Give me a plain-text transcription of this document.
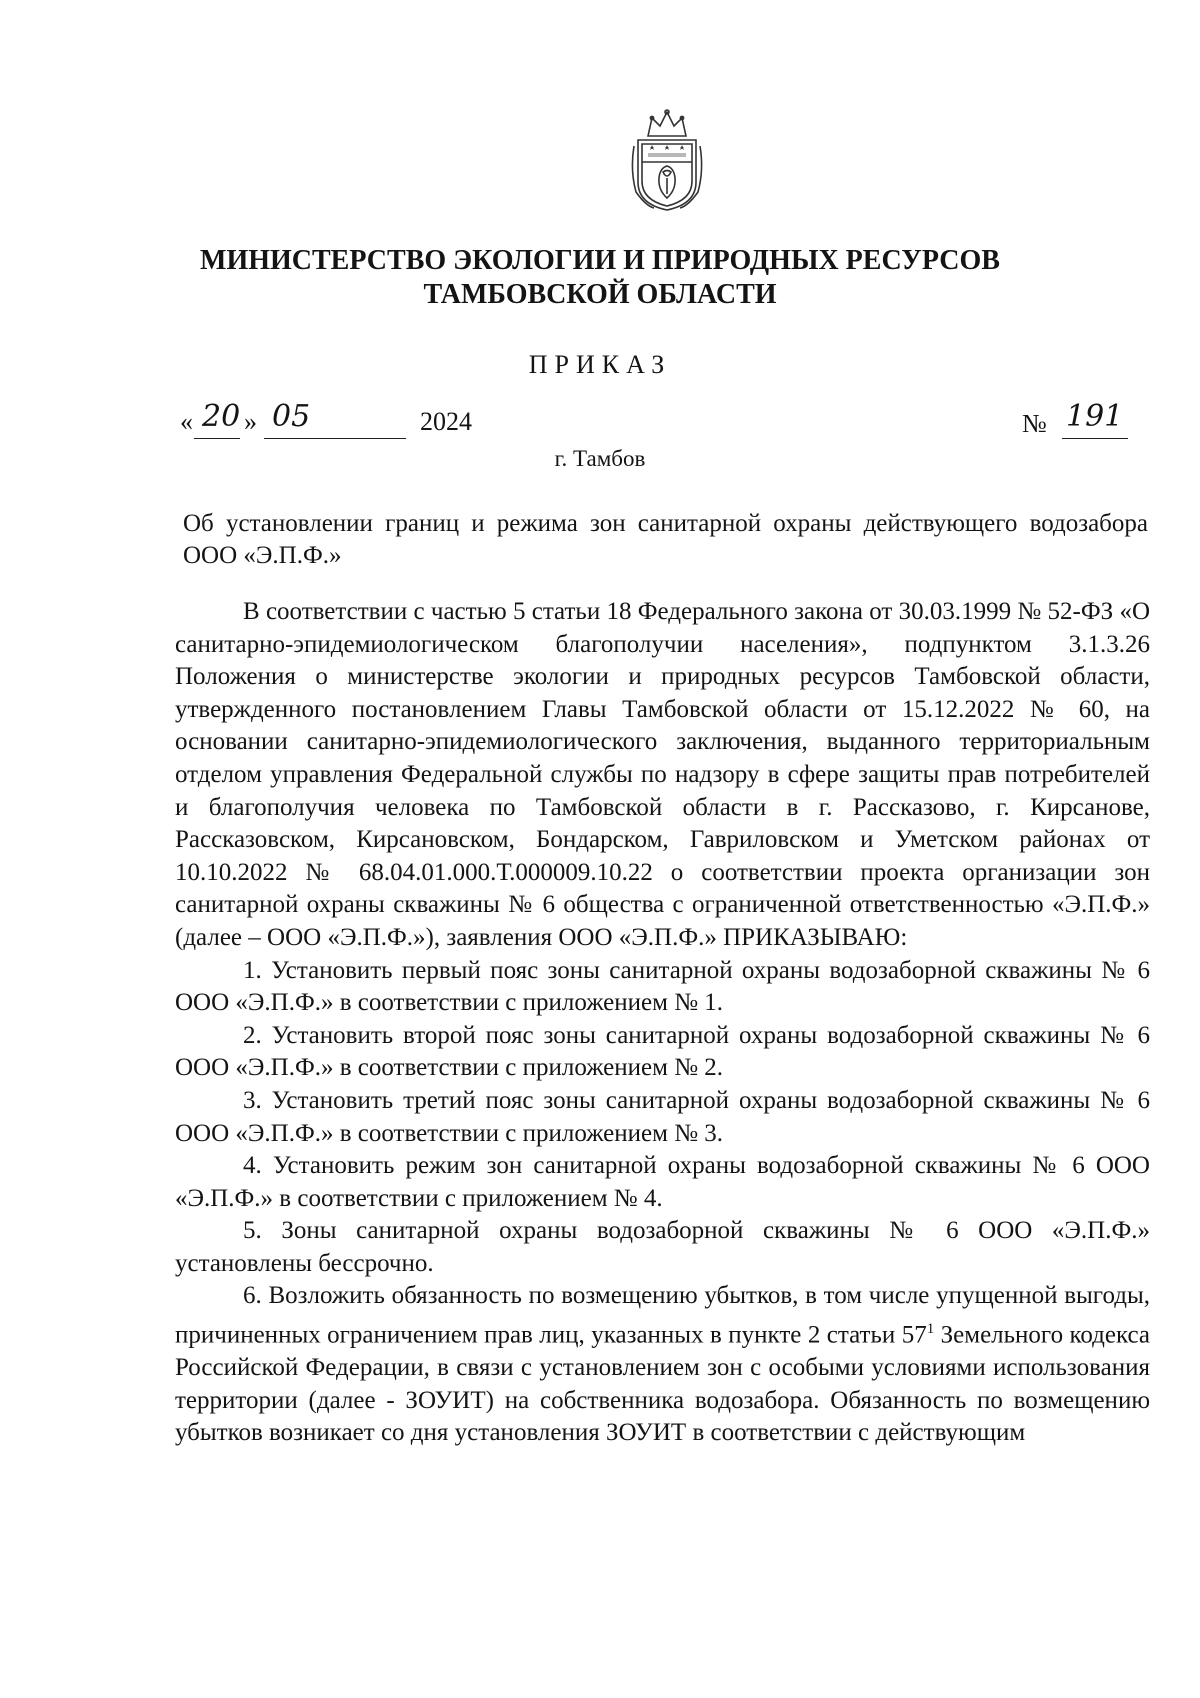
МИНИСТЕРСТВО ЭКОЛОГИИ И ПРИРОДНЫХ РЕСУРСОВ
ТАМБОВСКОЙ ОБЛАСТИ
ПРИКАЗ
« 20 » 05	2024	№ 191
г. Тамбов
Об установлении границ и режима зон санитарной охраны действующего водозабора ООО «Э.П.Ф.»

В соответствии с частью 5 статьи 18 Федерального закона от 30.03.1999 № 52-ФЗ «О санитарно-эпидемиологическом благополучии населения», подпунктом 3.1.3.26 Положения о министерстве экологии и природных ресурсов Тамбовской области, утвержденного постановлением Главы Тамбовской области от 15.12.2022 № 60, на основании санитарно-эпидемиологического заключения, выданного территориальным отделом управления Федеральной службы по надзору в сфере защиты прав потребителей и благополучия человека по Тамбовской области в г. Рассказово, г. Кирсанове, Рассказовском, Кирсановском, Бондарском, Гавриловском и Уметском районах от 10.10.2022 № 68.04.01.000.Т.000009.10.22 о соответствии проекта организации зон санитарной охраны скважины № 6 общества с ограниченной ответственностью «Э.П.Ф.» (далее – ООО «Э.П.Ф.»), заявления ООО «Э.П.Ф.» ПРИКАЗЫВАЮ:

1. Установить первый пояс зоны санитарной охраны водозаборной скважины № 6 ООО «Э.П.Ф.» в соответствии с приложением № 1.

2. Установить второй пояс зоны санитарной охраны водозаборной скважины № 6 ООО «Э.П.Ф.» в соответствии с приложением № 2.

3. Установить третий пояс зоны санитарной охраны водозаборной скважины № 6 ООО «Э.П.Ф.» в соответствии с приложением № 3.

4. Установить режим зон санитарной охраны водозаборной скважины № 6 ООО «Э.П.Ф.» в соответствии с приложением № 4.

5. Зоны санитарной охраны водозаборной скважины № 6 ООО «Э.П.Ф.» установлены бессрочно.

6. Возложить обязанность по возмещению убытков, в том числе упущенной выгоды, причиненных ограничением прав лиц, указанных в пункте 2 статьи $57^1$ Земельного кодекса Российской Федерации, в связи с установлением зон с особыми условиями использования территории (далее - ЗОУИТ) на собственника водозабора. Обязанность по возмещению убытков возникает со дня установления ЗОУИТ в соответствии с действующим
